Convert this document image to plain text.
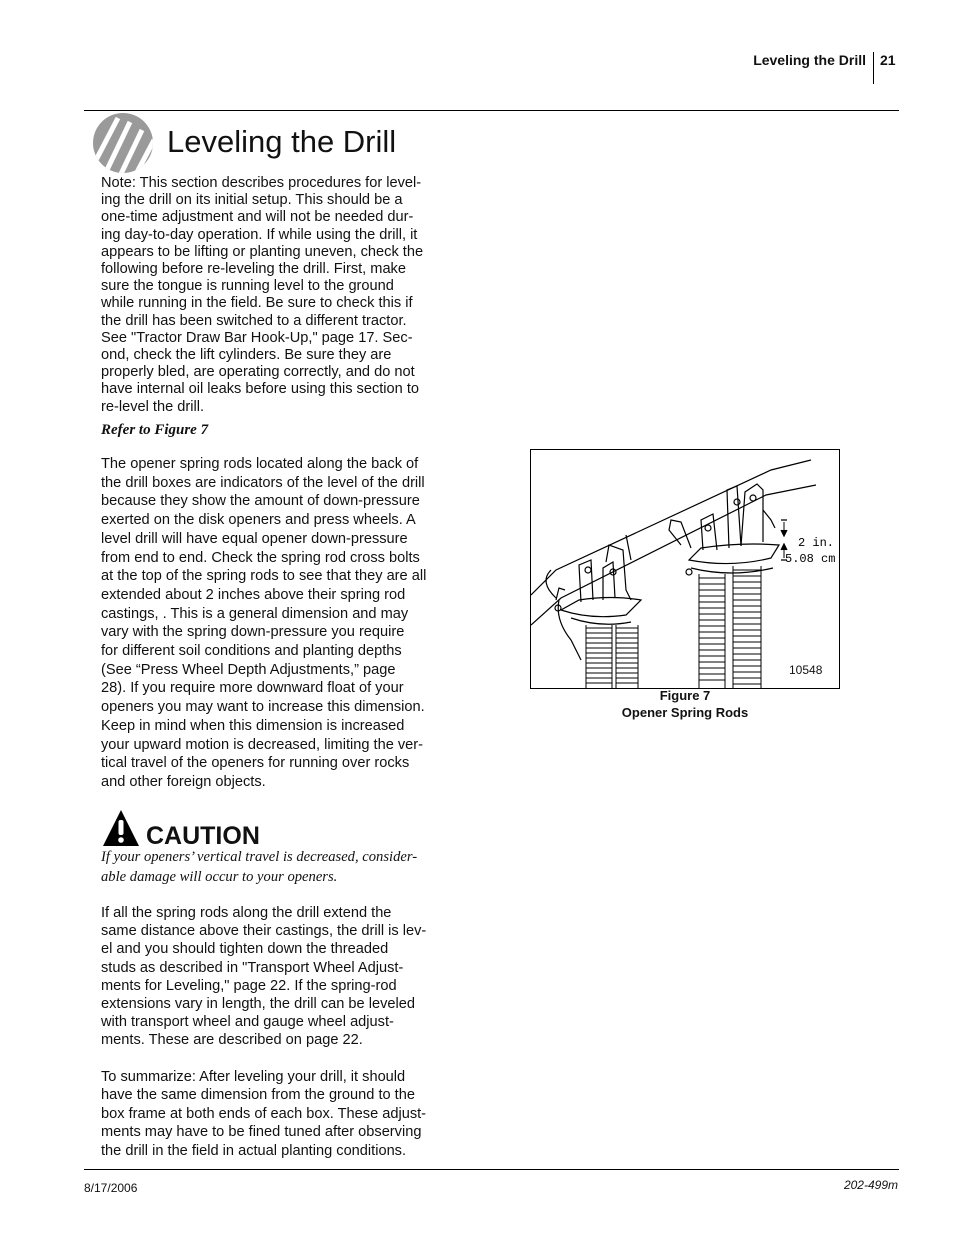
Leveling the Drill 21
Leveling the Drill

Note: This section describes procedures for level-
ing the drill on its initial setup. This should be a
one-time adjustment and will not be needed dur-
ing day-to-day operation. If while using the drill, it
appears to be lifting or planting uneven, check the
following before re-leveling the drill. First, make
sure the tongue is running level to the ground
while running in the field. Be sure to check this if
the drill has been switched to a different tractor.
See "Tractor Draw Bar Hook-Up," page 17. Sec-
ond, check the lift cylinders. Be sure they are
properly bled, are operating correctly, and do not
have internal oil leaks before using this section to
re-level the drill.

Refer to Figure 7

The opener spring rods located along the back of
the drill boxes are indicators of the level of the drill
because they show the amount of down-pressure
exerted on the disk openers and press wheels. A
level drill will have equal opener down-pressure
from end to end. Check the spring rod cross bolts
at the top of the spring rods to see that they are all
extended about 2 inches above their spring rod
castings, . This is a general dimension and may
vary with the spring down-pressure you require
for different soil conditions and planting depths
(See “Press Wheel Depth Adjustments,” page
28). If you require more downward float of your
openers you may want to increase this dimension.
Keep in mind when this dimension is increased
your upward motion is decreased, limiting the ver-
tical travel of the openers for running over rocks
and other foreign objects.

CAUTION
If your openers’ vertical travel is decreased, consider-
able damage will occur to your openers.

If all the spring rods along the drill extend the
same distance above their castings, the drill is lev-
el and you should tighten down the threaded
studs as described in "Transport Wheel Adjust-
ments for Leveling," page 22. If the spring-rod
extensions vary in length, the drill can be leveled
with transport wheel and gauge wheel adjust-
ments. These are described on page 22.

To summarize: After leveling your drill, it should
have the same dimension from the ground to the
box frame at both ends of each box. These adjust-
ments may have to be fined tuned after observing
the drill in the field in actual planting conditions.

2 in.
5.08 cm
10548
Figure 7
Opener Spring Rods
8/17/2006	202-499m
